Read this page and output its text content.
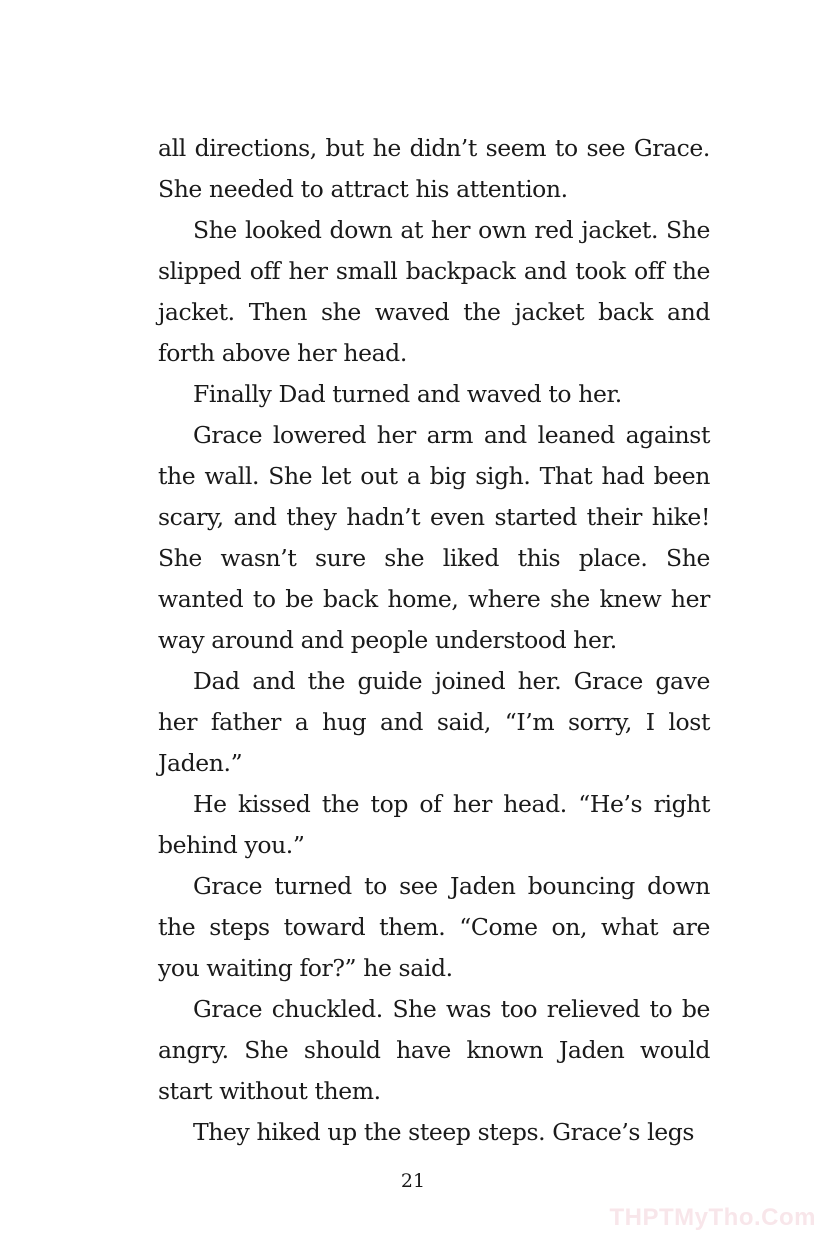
all directions, but he didn’t seem to see Grace. She needed to attract his attention.

She looked down at her own red jacket. She slipped off her small backpack and took off the jacket. Then she waved the jacket back and forth above her head.

Finally Dad turned and waved to her.

Grace lowered her arm and leaned against the wall. She let out a big sigh. That had been scary, and they hadn’t even started their hike! She wasn’t sure she liked this place. She wanted to be back home, where she knew her way around and people understood her.

Dad and the guide joined her. Grace gave her father a hug and said, “I’m sorry, I lost Jaden.”

He kissed the top of her head. “He’s right behind you.”

Grace turned to see Jaden bouncing down the steps toward them. “Come on, what are you waiting for?” he said.

Grace chuckled. She was too relieved to be angry. She should have known Jaden would start without them.

They hiked up the steep steps. Grace’s legs

21
THPTMyTho.Com
